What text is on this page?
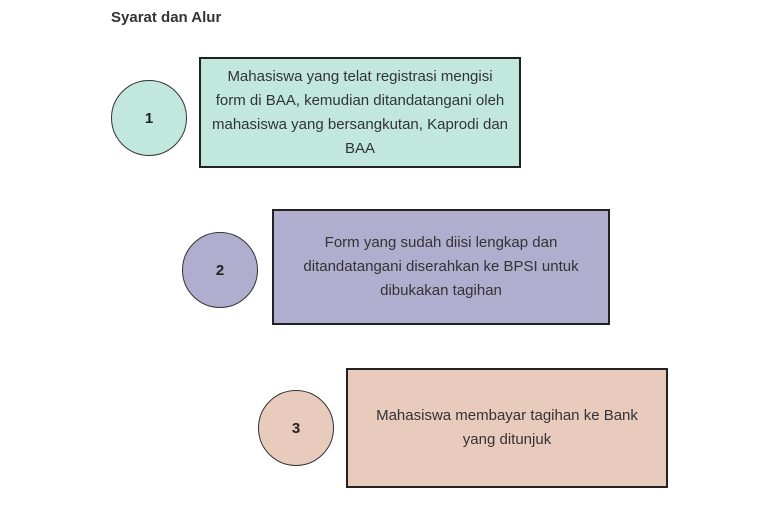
Syarat dan Alur
1
Mahasiswa yang telat registrasi mengisi form di BAA, kemudian ditandatangani oleh mahasiswa yang bersangkutan, Kaprodi dan BAA
2
Form yang sudah diisi lengkap dan ditandatangani diserahkan ke BPSI untuk dibukakan tagihan
3
Mahasiswa membayar tagihan ke Bank yang ditunjuk
